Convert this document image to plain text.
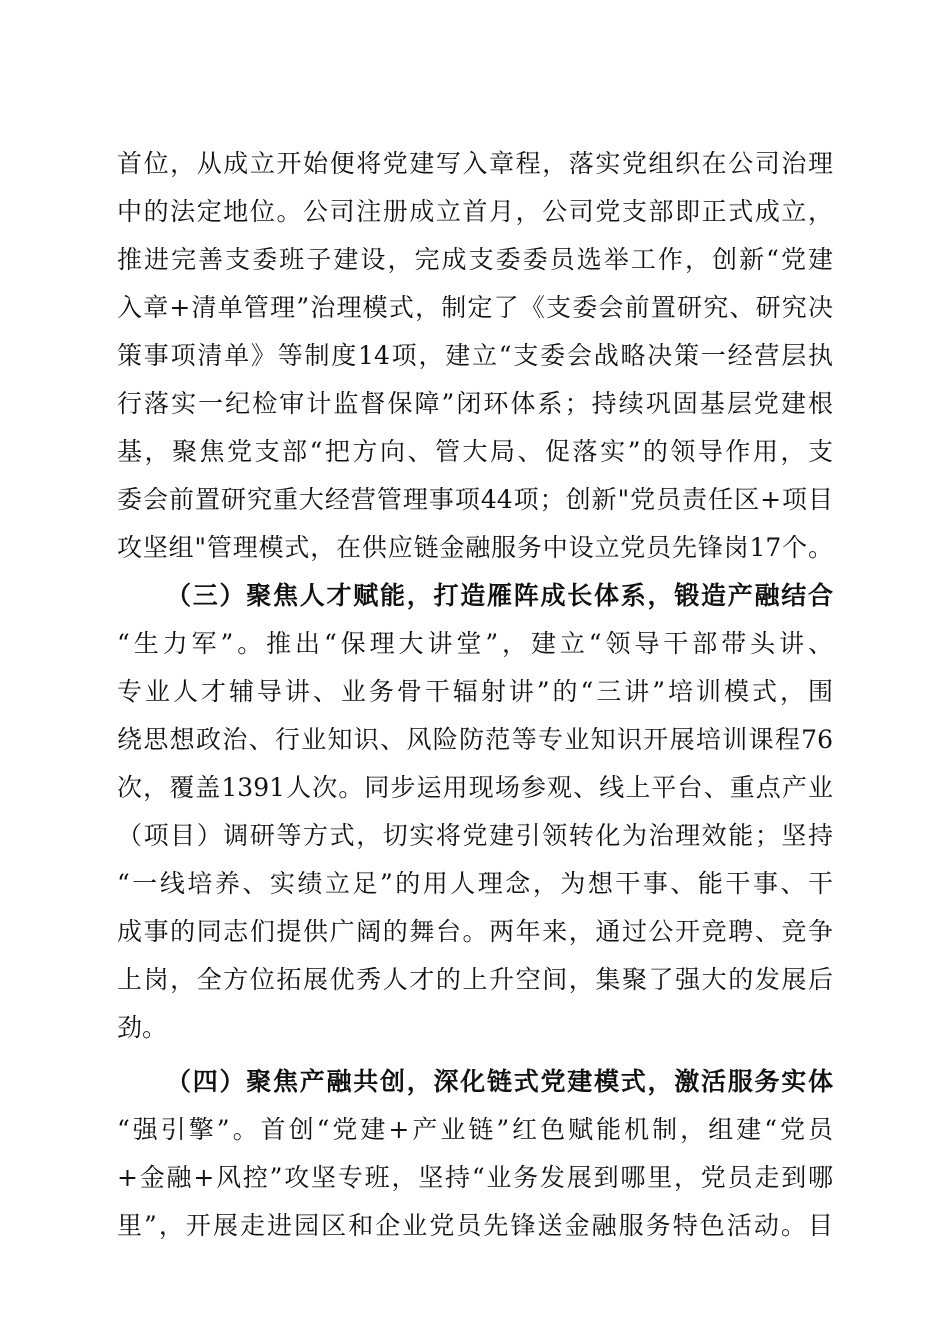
首位，从成立开始便将党建写入章程，落实党组织在公司治理
中的法定地位。公司注册成立首月，公司党支部即正式成立，
推进完善支委班子建设，完成支委委员选举工作，创新“党建
入章+清单管理”治理模式，制定了《支委会前置研究、研究决
策事项清单》等制度14项，建立“支委会战略决策一经营层执
行落实一纪检审计监督保障”闭环体系；持续巩固基层党建根
基，聚焦党支部“把方向、管大局、促落实”的领导作用，支
委会前置研究重大经营管理事项44项；创新"党员责任区+项目
攻坚组"管理模式，在供应链金融服务中设立党员先锋岗17个。
（三）聚焦人才赋能，打造雁阵成长体系，锻造产融结合
“生力军”。推出“保理大讲堂”，建立“领导干部带头讲、
专业人才辅导讲、业务骨干辐射讲”的“三讲”培训模式，围
绕思想政治、行业知识、风险防范等专业知识开展培训课程76
次，覆盖1391人次。同步运用现场参观、线上平台、重点产业
（项目）调研等方式，切实将党建引领转化为治理效能；坚持
“一线培养、实绩立足”的用人理念，为想干事、能干事、干
成事的同志们提供广阔的舞台。两年来，通过公开竞聘、竞争
上岗，全方位拓展优秀人才的上升空间，集聚了强大的发展后
劲。
（四）聚焦产融共创，深化链式党建模式，激活服务实体
“强引擎”。首创“党建+产业链”红色赋能机制，组建“党员
+金融+风控”攻坚专班，坚持“业务发展到哪里，党员走到哪
里”，开展走进园区和企业党员先锋送金融服务特色活动。目
